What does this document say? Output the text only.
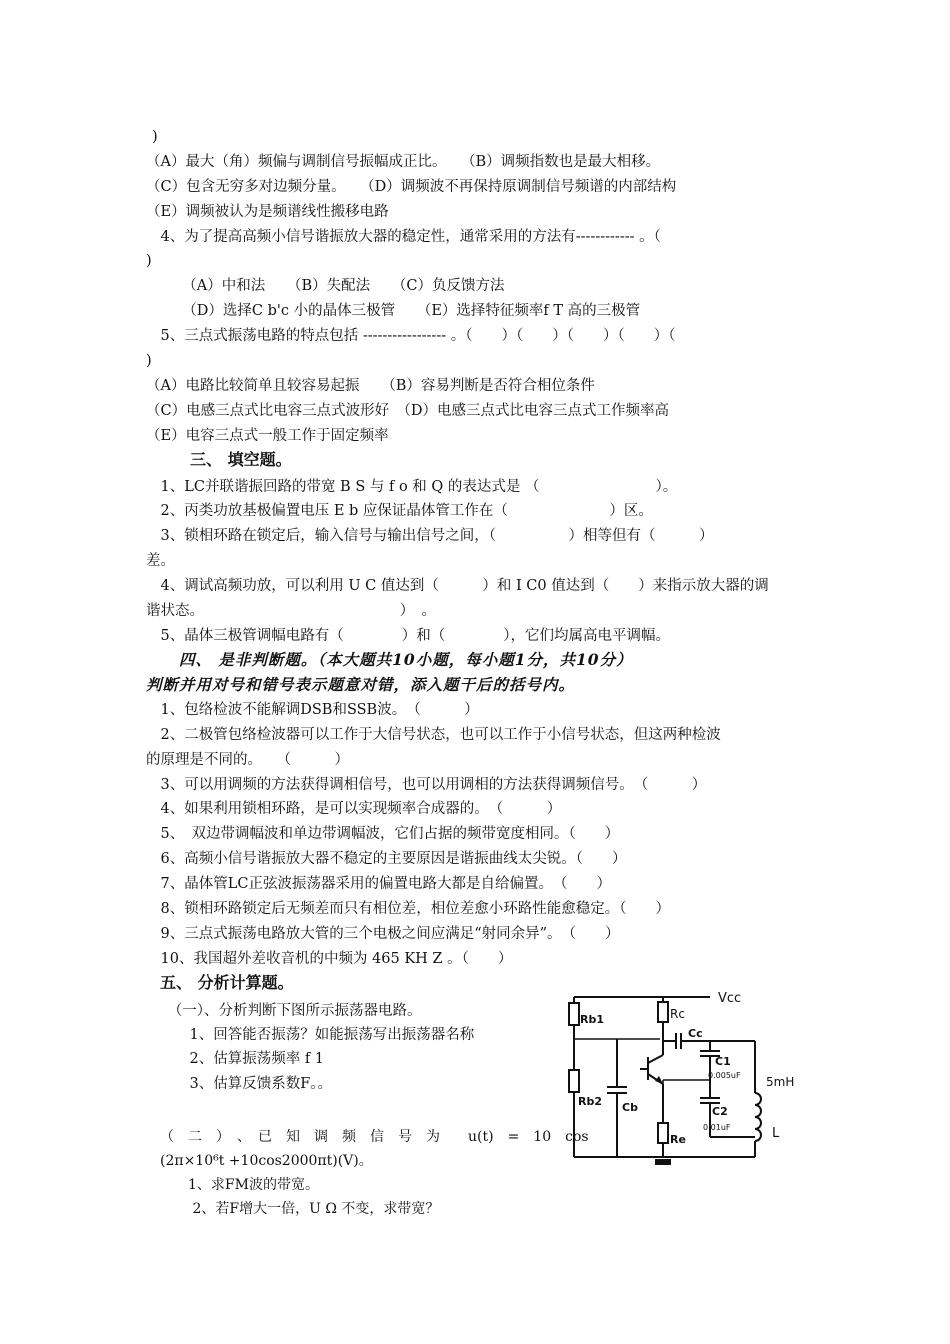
)
（A）最大（角）频偏与调制信号振幅成正比。　　（B）调频指数也是最大相移。
（C）包含无穷多对边频分量。　　（D）调频波不再保持原调制信号频谱的内部结构
（E）调频被认为是频谱线性搬移电路
　4、为了提高高频小信号谐振放大器的稳定性，通常采用的方法有------------ 。（
)
　　　（A）中和法　　（B）失配法　　（C）负反馈方法
　　　（D）选择C b'c 小的晶体三极管　　（E）选择特征频率f T 高的三极管
　5、三点式振荡电路的特点包括 ----------------- 。（　　）（　　）（　　）（　　）（
)
（A）电路比较简单且较容易起振　　（B）容易判断是否符合相位条件
（C）电感三点式比电容三点式波形好　（D）电感三点式比电容三点式工作频率高
（E）电容三点式一般工作于固定频率
三、 填空题。
　1、LC并联谐振回路的带宽 B S 与 f o 和 Q 的表达式是 （　　　　　　　　）。
　2、丙类功放基极偏置电压 E b 应保证晶体管工作在（　　　　　　　）区。
　3、锁相环路在锁定后，输入信号与输出信号之间，（　　　　　）相等但有（　　　）
差。
　4、调试高频功放，可以利用 U C 值达到（　　　）和 I C0 值达到（　　）来指示放大器的调
谐状态。　　　　　　　　　　　　　　）　。
　5、晶体三极管调幅电路有（　　　　）和（　　　　），它们均属高电平调幅。
　　四、 是非判断题。（本大题共10小题，每小题1分，共10分）
判断并用对号和错号表示题意对错，添入题干后的括号内。
　1、包络检波不能解调DSB和SSB波。　（　　　）
　2、二极管包络检波器可以工作于大信号状态，也可以工作于小信号状态，但这两种检波
的原理是不同的。　　（　　　）
　3、可以用调频的方法获得调相信号，也可以用调相的方法获得调频信号。　（　　　）
　4、如果利用锁相环路，是可以实现频率合成器的。　（　　　）
　5、　双边带调幅波和单边带调幅波，它们占据的频带宽度相同。（　　）
　6、高频小信号谐振放大器不稳定的主要原因是谐振曲线太尖锐。（　　）
　7、晶体管LC正弦波振荡器采用的偏置电路大都是自给偏置。　（　　）
　8、锁相环路锁定后无频差而只有相位差，相位差愈小环路性能愈稳定。（　　）
　9、三点式振荡电路放大管的三个电极之间应满足“射同余异”。　（　　）
　10、我国超外差收音机的中频为 465 KH Z 。（　　）
五、 分析计算题。
　　（一）、分析判断下图所示振荡器电路。
　　　1、回答能否振荡？如能振荡写出振荡器名称
　　　2、估算振荡频率 f 1
　　　3、估算反馈系数F。。
（　二　）　、　已　知　调　频　信　号　为　　u(t)　=　10　cos
(2π×10⁶t +10cos2000πt)(V)。
　　1、求FM波的带宽。
　　 2、若F增大一倍，U Ω 不变，求带宽？
Vcc
Rb1	Rc
Cc
C1
0.005uF
Rb2 Cb	C2
0.01uF
Re
5mH
L
